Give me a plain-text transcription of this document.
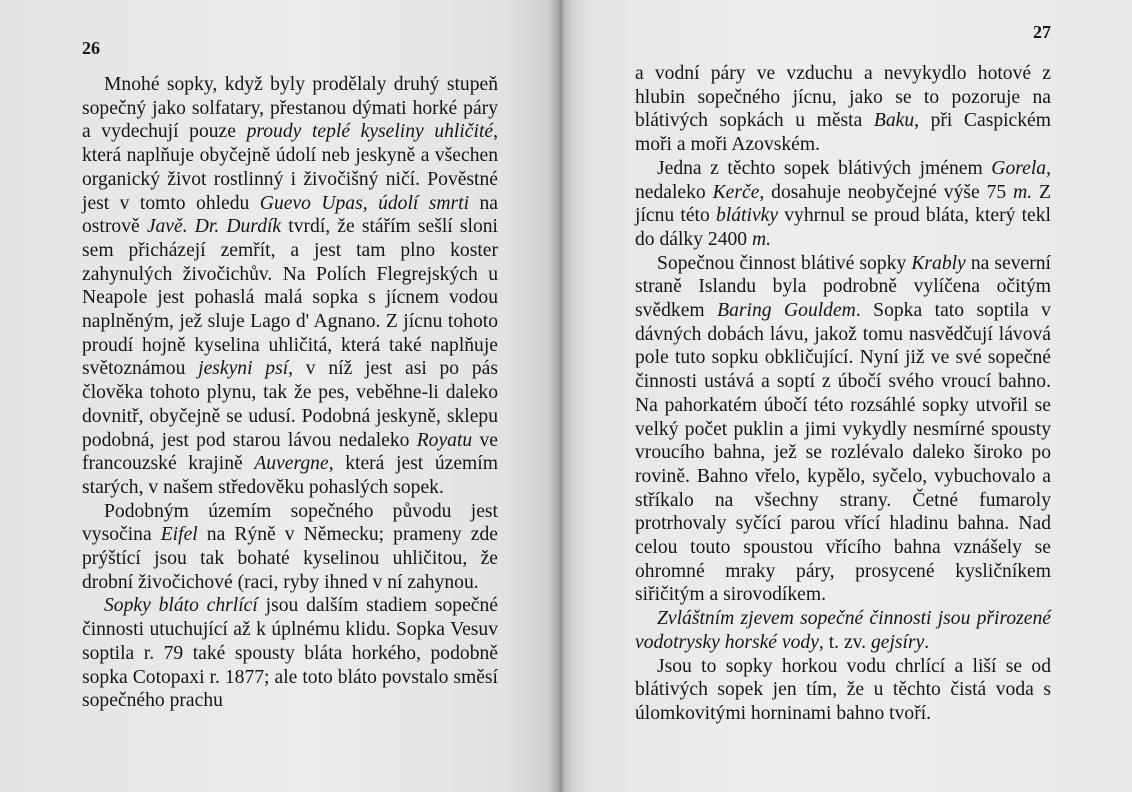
26

Mnohé sopky, když byly prodělaly druhý stupeň sopečný jako solfatary, přestanou dýmati horké páry a vydechují pouze proudy teplé kyseliny uhličité, která naplňuje obyčejně údolí neb jeskyně a všechen organický život rostlinný i živočišný ničí. Pověstné jest v tomto ohledu Guevo Upas, údolí smrti na ostrově Javě. Dr. Durdík tvrdí, že stářím sešlí sloni sem přicházejí zemřít, a jest tam plno koster zahynulých živočichův. Na Polích Flegrejských u Neapole jest pohaslá malá sopka s jícnem vodou naplněným, jež sluje Lago d' Agnano. Z jícnu tohoto proudí hojně kyselina uhličitá, která také naplňuje světoznámou jeskyni psí, v níž jest asi po pás člověka tohoto plynu, tak že pes, veběhne-li daleko dovnitř, obyčejně se udusí. Podobná jeskyně, sklepu podobná, jest pod starou lávou nedaleko Royatu ve francouzské krajině Auvergne, která jest územím starých, v našem středověku pohaslých sopek.

Podobným územím sopečného původu jest vysočina Eifel na Rýně v Německu; prameny zde prýštící jsou tak bohaté kyselinou uhličitou, že drobní živočichové (raci, ryby ihned v ní zahynou.

Sopky bláto chrlící jsou dalším stadiem sopečné činnosti utuchující až k úplnému klidu. Sopka Vesuv soptila r. 79 také spousty bláta horkého, podobně sopka Cotopaxi r. 1877; ale toto bláto povstalo směsí sopečného prachu

27

a vodní páry ve vzduchu a nevykydlo hotové z hlubin sopečného jícnu, jako se to pozoruje na blátivých sopkách u města Baku, při Caspickém moři a moři Azovském.

Jedna z těchto sopek blátivých jménem Gorela, nedaleko Kerče, dosahuje neobyčejné výše 75 m. Z jícnu této blátivky vyhrnul se proud bláta, který tekl do dálky 2400 m.

Sopečnou činnost blátivé sopky Krably na severní straně Islandu byla podrobně vylíčena očitým svědkem Baring Gouldem. Sopka tato soptila v dávných dobách lávu, jakož tomu nasvědčují lávová pole tuto sopku obkličující. Nyní již ve své sopečné činnosti ustává a soptí z úbočí svého vroucí bahno. Na pahorkatém úbočí této rozsáhlé sopky utvořil se velký počet puklin a jimi vykydly nesmírné spousty vroucího bahna, jež se rozlévalo daleko široko po rovině. Bahno vřelo, kypělo, syčelo, vybuchovalo a stříkalo na všechny strany. Četné fumaroly protrhovaly syčící parou vřící hladinu bahna. Nad celou touto spoustou vřícího bahna vznášely se ohromné mraky páry, prosycené kysličníkem siřičitým a sirovodíkem.

Zvláštním zjevem sopečné činnosti jsou přirozené vodotrysky horské vody, t. zv. gejsíry.

Jsou to sopky horkou vodu chrlící a liší se od blátivých sopek jen tím, že u těchto čistá voda s úlomkovitými horninami bahno tvoří.
